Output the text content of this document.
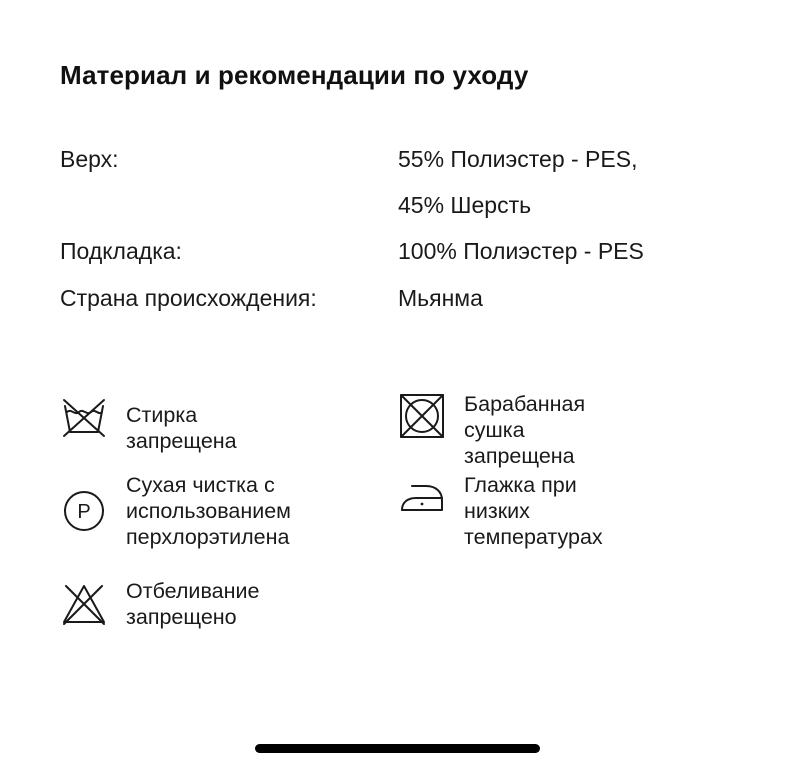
Материал и рекомендации по уходу
Верх:	55% Полиэстер - PES,
45% Шерсть
Подкладка:	100% Полиэстер - PES
Страна происхождения:	Мьянма
Стирка запрещена
Барабанная сушка
запрещена
P
Сухая чистка с
использованием
перхлорэтилена
Глажка при низких
температурах
Отбеливание
запрещено
